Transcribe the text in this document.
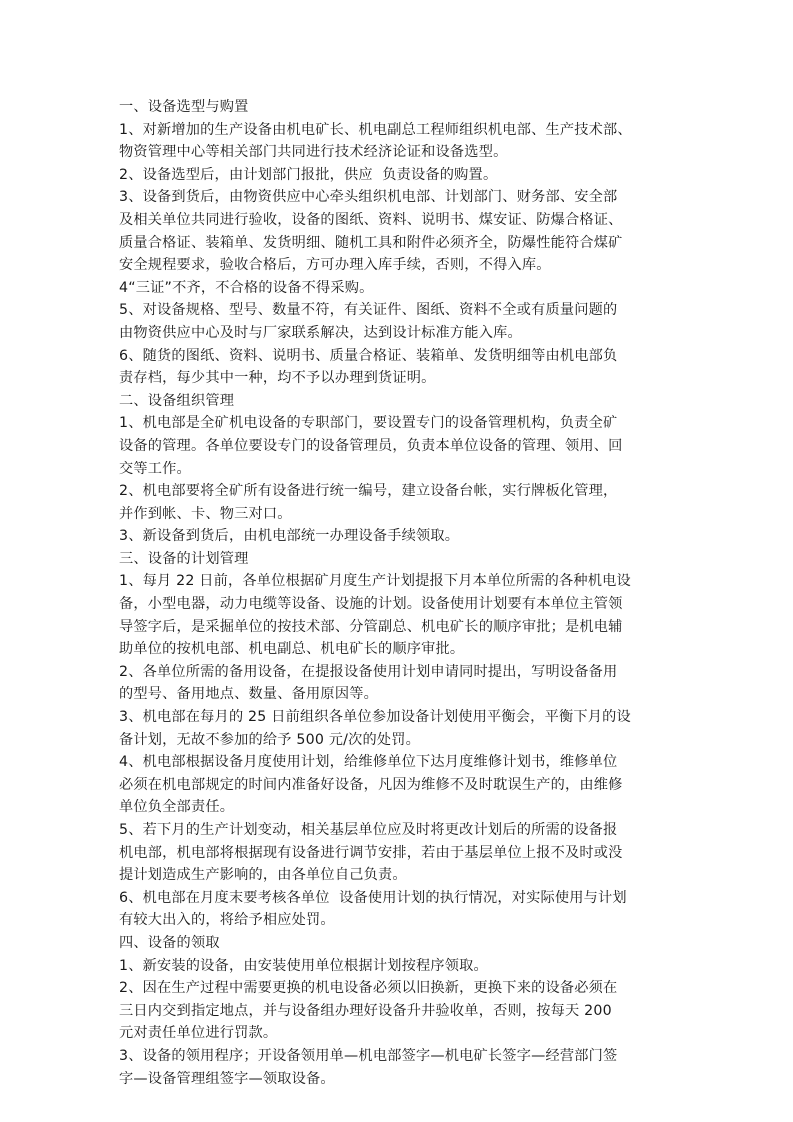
一、设备选型与购置
1、对新增加的生产设备由机电矿长、机电副总工程师组织机电部、生产技术部、
物资管理中心等相关部门共同进行技术经济论证和设备选型。
2、设备选型后，由计划部门报批，供应  负责设备的购置。
3、设备到货后，由物资供应中心牵头组织机电部、计划部门、财务部、安全部
及相关单位共同进行验收，设备的图纸、资料、说明书、煤安证、防爆合格证、
质量合格证、装箱单、发货明细、随机工具和附件必须齐全，防爆性能符合煤矿
安全规程要求，验收合格后，方可办理入库手续，否则，不得入库。
4“三证”不齐，不合格的设备不得采购。
5、对设备规格、型号、数量不符，有关证件、图纸、资料不全或有质量问题的
由物资供应中心及时与厂家联系解决，达到设计标准方能入库。
6、随货的图纸、资料、说明书、质量合格证、装箱单、发货明细等由机电部负
责存档，每少其中一种，均不予以办理到货证明。
二、设备组织管理
1、机电部是全矿机电设备的专职部门，要设置专门的设备管理机构，负责全矿
设备的管理。各单位要设专门的设备管理员，负责本单位设备的管理、领用、回
交等工作。
2、机电部要将全矿所有设备进行统一编号，建立设备台帐，实行牌板化管理，
并作到帐、卡、物三对口。
3、新设备到货后，由机电部统一办理设备手续领取。
三、设备的计划管理
1、每月 22 日前，各单位根据矿月度生产计划提报下月本单位所需的各种机电设
备，小型电器，动力电缆等设备、设施的计划。设备使用计划要有本单位主管领
导签字后，是采掘单位的按技术部、分管副总、机电矿长的顺序审批；是机电辅
助单位的按机电部、机电副总、机电矿长的顺序审批。
2、各单位所需的备用设备，在提报设备使用计划申请同时提出，写明设备备用
的型号、备用地点、数量、备用原因等。
3、机电部在每月的 25 日前组织各单位参加设备计划使用平衡会，平衡下月的设
备计划，无故不参加的给予 500 元/次的处罚。
4、机电部根据设备月度使用计划，给维修单位下达月度维修计划书，维修单位
必须在机电部规定的时间内准备好设备，凡因为维修不及时耽误生产的，由维修
单位负全部责任。
5、若下月的生产计划变动，相关基层单位应及时将更改计划后的所需的设备报
机电部，机电部将根据现有设备进行调节安排，若由于基层单位上报不及时或没
提计划造成生产影响的，由各单位自己负责。
6、机电部在月度末要考核各单位  设备使用计划的执行情况，对实际使用与计划
有较大出入的，将给予相应处罚。
四、设备的领取
1、新安装的设备，由安装使用单位根据计划按程序领取。
2、因在生产过程中需要更换的机电设备必须以旧换新，更换下来的设备必须在
三日内交到指定地点，并与设备组办理好设备升井验收单，否则，按每天 200
元对责任单位进行罚款。
3、设备的领用程序；开设备领用单—机电部签字—机电矿长签字—经营部门签
字—设备管理组签字—领取设备。
